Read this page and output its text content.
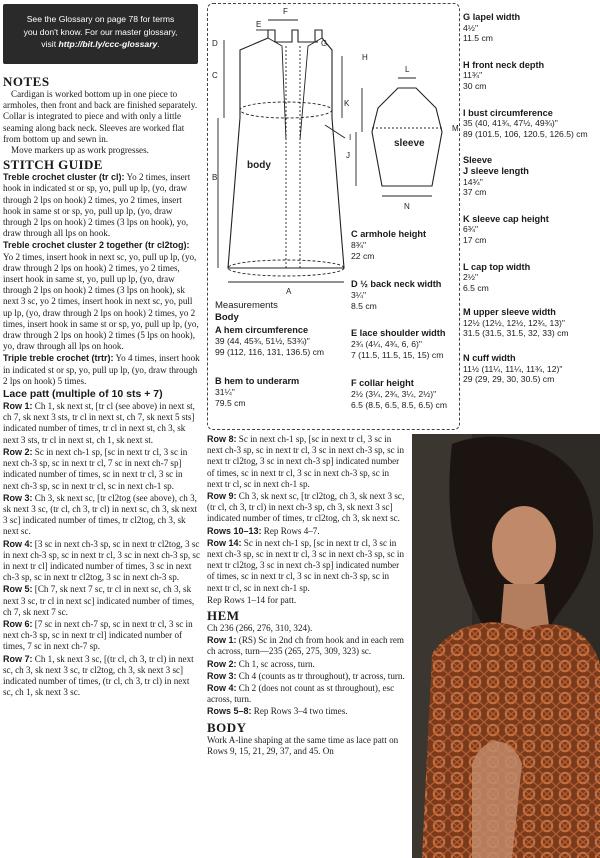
See the Glossary on page 78 for terms
you don't know. For our master glossary,
visit http://bit.ly/ccc-glossary.
NOTES
Cardigan is worked bottom up in one piece to armholes, then front and back are finished separately. Collar is integrated to piece and with only a little seaming along back neck. Sleeves are worked flat from bottom up and sewn in.
Move markers up as work progresses.
STITCH GUIDE
Treble crochet cluster (tr cl): Yo 2 times, insert hook in indicated st or sp, yo, pull up lp, (yo, draw through 2 lps on hook) 2 times, yo 2 times, insert hook in same st or sp, yo, pull up lp, (yo, draw through 2 lps on hook) 2 times (3 lps on hook), yo, draw through all lps on hook.
Treble crochet cluster 2 together (tr cl2tog): Yo 2 times, insert hook in next sc, yo, pull up lp, (yo, draw through 2 lps on hook) 2 times, yo 2 times, insert hook in same st, yo, pull up lp, (yo, draw through 2 lps on hook) 2 times (3 lps on hook), sk next 3 sc, yo 2 times, insert hook in next sc, yo, pull up lp, (yo, draw through 2 lps on hook) 2 times, yo 2 times, insert hook in same st or sp, yo, pull up lp, (yo, draw through 2 lps on hook) 2 times (5 lps on hook), yo, draw through all lps on hook.
Triple treble crochet (trtr): Yo 4 times, insert hook in indicated st or sp, yo, pull up lp, (yo, draw through 2 lps on hook) 5 times.
Lace patt (multiple of 10 sts + 7)
Row 1: Ch 1, sk next st, [tr cl (see above) in next st, ch 7, sk next 3 sts, tr cl in next st, ch 7, sk next 5 sts] indicated number of times, tr cl in next st, ch 3, sk next 3 sts, tr cl in next st, ch 1, sk next st.
Row 2: Sc in next ch-1 sp, [sc in next tr cl, 3 sc in next ch-3 sp, sc in next tr cl, 7 sc in next ch-7 sp] indicated number of times, sc in next tr cl, 3 sc in next ch-3 sp, sc in next tr cl, sc in next ch-1 sp.
Row 3: Ch 3, sk next sc, [tr cl2tog (see above), ch 3, sk next 3 sc, (tr cl, ch 3, tr cl) in next sc, ch 3, sk next 3 sc] indicated number of times, tr cl2tog, ch 3, sk next sc.
Row 4: [3 sc in next ch-3 sp, sc in next tr cl2tog, 3 sc in next ch-3 sp, sc in next tr cl, 3 sc in next ch-3 sp, sc in next tr cl] indicated number of times, 3 sc in next ch-3 sp, sc in next tr cl2tog, 3 sc in next ch-3 sp.
Row 5: [Ch 7, sk next 7 sc, tr cl in next sc, ch 3, sk next 3 sc, tr cl in next sc] indicated number of times, ch 7, sk next 7 sc.
Row 6: [7 sc in next ch-7 sp, sc in next tr cl, 3 sc in next ch-3 sp, sc in next tr cl] indicated number of times, 7 sc in next ch-7 sp.
Row 7: Ch 1, sk next 3 sc, [(tr cl, ch 3, tr cl) in next sc, ch 3, sk next 3 sc, tr cl2tog, ch 3, sk next 3 sc] indicated number of times, (tr cl, ch 3, tr cl) in next sc, ch 1, sk next 3 sc.
F
E
D
C
B
G
H
K
I
J
L
M
N
A
body
sleeve
Measurements
Body
A hem circumference
39 (44, 45¾, 51½, 53¾)"
99 (112, 116, 131, 136.5) cm
B hem to underarm
31¼"
79.5 cm
C armhole height
8¾"
22 cm
D ½ back neck width
3¼"
8.5 cm
E lace shoulder width
2¾ (4¼, 4¾, 6, 6)"
7 (11.5, 11.5, 15, 15) cm
F collar height
2½ (3¼, 2¾, 3¼, 2½)"
6.5 (8.5, 6.5, 8.5, 6.5) cm
G lapel width
4½"
11.5 cm
H front neck depth
11¾"
30 cm
I bust circumference
35 (40, 41¾, 47½, 49¾)"
89 (101.5, 106, 120.5, 126.5) cm
Sleeve
J sleeve length
14¾"
37 cm
K sleeve cap height
6¾"
17 cm
L cap top width
2½"
6.5 cm
M upper sleeve width
12½ (12½, 12½, 12¾, 13)"
31.5 (31.5, 31.5, 32, 33) cm
N cuff width
11½ (11¼, 11¼, 11¾, 12)"
29 (29, 29, 30, 30.5) cm
Row 8: Sc in next ch-1 sp, [sc in next tr cl, 3 sc in next ch-3 sp, sc in next tr cl, 3 sc in next ch-3 sp, sc in next tr cl2tog, 3 sc in next ch-3 sp] indicated number of times, sc in next tr cl, 3 sc in next ch-3 sp, sc in next tr cl, sc in next ch-1 sp.
Row 9: Ch 3, sk next sc, [tr cl2tog, ch 3, sk next 3 sc, (tr cl, ch 3, tr cl) in next ch-3 sp, ch 3, sk next 3 sc] indicated number of times, tr cl2tog, ch 3, sk next sc.
Rows 10–13: Rep Rows 4–7.
Row 14: Sc in next ch-1 sp, [sc in next tr cl, 3 sc in next ch-3 sp, sc in next tr cl, 3 sc in next ch-3 sp, sc in next tr cl2tog, 3 sc in next ch-3 sp] indicated number of times, sc in next tr cl, 3 sc in next ch-3 sp, sc in next tr cl, sc in next ch-1 sp.
Rep Rows 1–14 for patt.
HEM
Ch 236 (266, 276, 310, 324).
Row 1: (RS) Sc in 2nd ch from hook and in each rem ch across, turn—235 (265, 275, 309, 323) sc.
Row 2: Ch 1, sc across, turn.
Row 3: Ch 4 (counts as tr throughout), tr across, turn.
Row 4: Ch 2 (does not count as st throughout), esc across, turn.
Rows 5–8: Rep Rows 3–4 two times.
BODY
Work A-line shaping at the same time as lace patt on Rows 9, 15, 21, 29, 37, and 45. On
